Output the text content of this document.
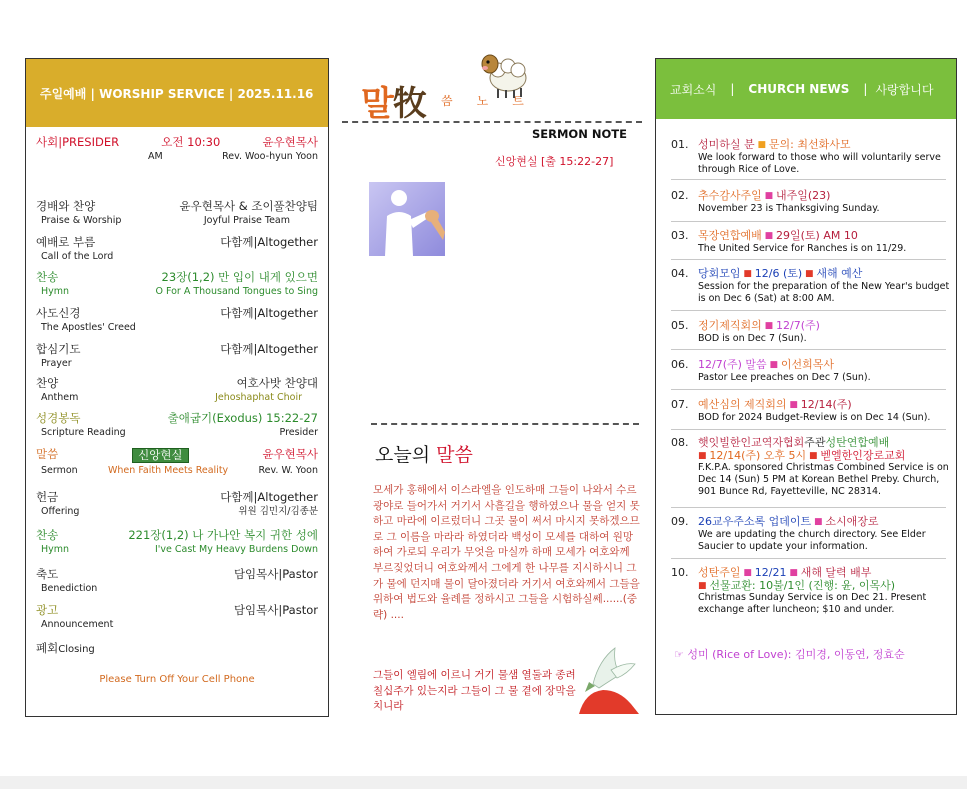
주일예배 | WORSHIP SERVICE | 2025.11.16
사회|PRESIDER	오전 10:30	윤우현목사
AM	Rev. Woo-hyun Yoon
경배와 찬양	윤우현목사 & 조이풀찬양팀
Praise & Worship	Joyful Praise Team
예배로 부름	다함께|Altogether
Call of the Lord
찬송	23장(1,2) 만 입이 내게 있으면
Hymn	O For A Thousand Tongues to Sing
사도신경	다함께|Altogether
The Apostles' Creed
합심기도	다함께|Altogether
Prayer
찬양	여호사밧 찬양대
Anthem	Jehoshaphat Choir
성경봉독	출애굽기(Exodus) 15:22-27
Scripture Reading	Presider
말씀	신앙현실	윤우현목사
Sermon	When Faith Meets Reality	Rev. W. Yoon
헌금	다함께|Altogether
Offering	위원 김민지/김종분
찬송	221장(1,2) 나 가나안 복지 귀한 성에
Hymn	I've Cast My Heavy Burdens Down
축도	담임목사|Pastor
Benediction
광고	담임목사|Pastor
Announcement
폐회Closing
Please Turn Off Your Cell Phone
말牧 씀 노 트
SERMON NOTE
신앙현실 [출 15:22-27]
오늘의 말씀
모세가 홍해에서 이스라엘을 인도하매 그들이 나와서 수르 광야로 들어가서 거기서 사흘길을 행하였으나 물을 얻지 못하고 마라에 이르렀더니 그곳 물이 써서 마시지 못하겠으므로 그 이름을 마라라 하였더라 백성이 모세를 대하여 원망하여 가로되 우리가 무엇을 마실까 하매 모세가 여호와께 부르짖었더니 여호와께서 그에게 한 나무를 지시하시니 그가 물에 던지매 물이 달아졌더라 거기서 여호와께서 그들을 위하여 법도와 율례를 정하시고 그들을 시험하실쎄......(중략) ....
그들이 엘림에 이르니 거기 물샘 열둘과 종려 칠십주가 있는지라 그들이 그 물 곁에 장막을 치니라
교회소식 | CHURCH NEWS | 사랑합니다
01. 성미하실 분 ■ 문의: 최선화사모
We look forward to those who will voluntarily serve through Rice of Love.
02. 추수감사주일 ■ 내주일(23)
November 23 is Thanksgiving Sunday.
03. 목장연합예배 ■ 29일(토) AM 10
The United Service for Ranches is on 11/29.
04. 당회모임 ■ 12/6 (토) ■ 새해 예산
Session for the preparation of the New Year's budget is on Dec 6 (Sat) at 8:00 AM.
05. 정기제직회의 ■ 12/7(주)
BOD is on Dec 7 (Sun).
06. 12/7(주) 말씀 ■ 이선희목사
Pastor Lee preaches on Dec 7 (Sun).
07. 예산심의 제직회의 ■ 12/14(주)
BOD for 2024 Budget-Review is on Dec 14 (Sun).
08. 햇잇빌한인교역자협회 주관 성탄연합예배
■ 12/14(주) 오후 5시 ■ 벧엘한인장로교회
F.K.P.A. sponsored Christmas Combined Service is on Dec 14 (Sun) 5 PM at Korean Bethel Preby. Church, 901 Bunce Rd, Fayetteville, NC 28314.
09. 26교우주소록 업데이트 ■ 소시애장로
We are updating the church directory. See Elder Saucier to update your information.
10. 성탄주일 ■ 12/21 ■ 새해 달력 배부
■ 선물교환: 10불/1인 (진행: 윤, 이목사)
Christmas Sunday Service is on Dec 21. Present exchange after luncheon; $10 and under.
☞ 성미 (Rice of Love): 김미경, 이동연, 정효순
